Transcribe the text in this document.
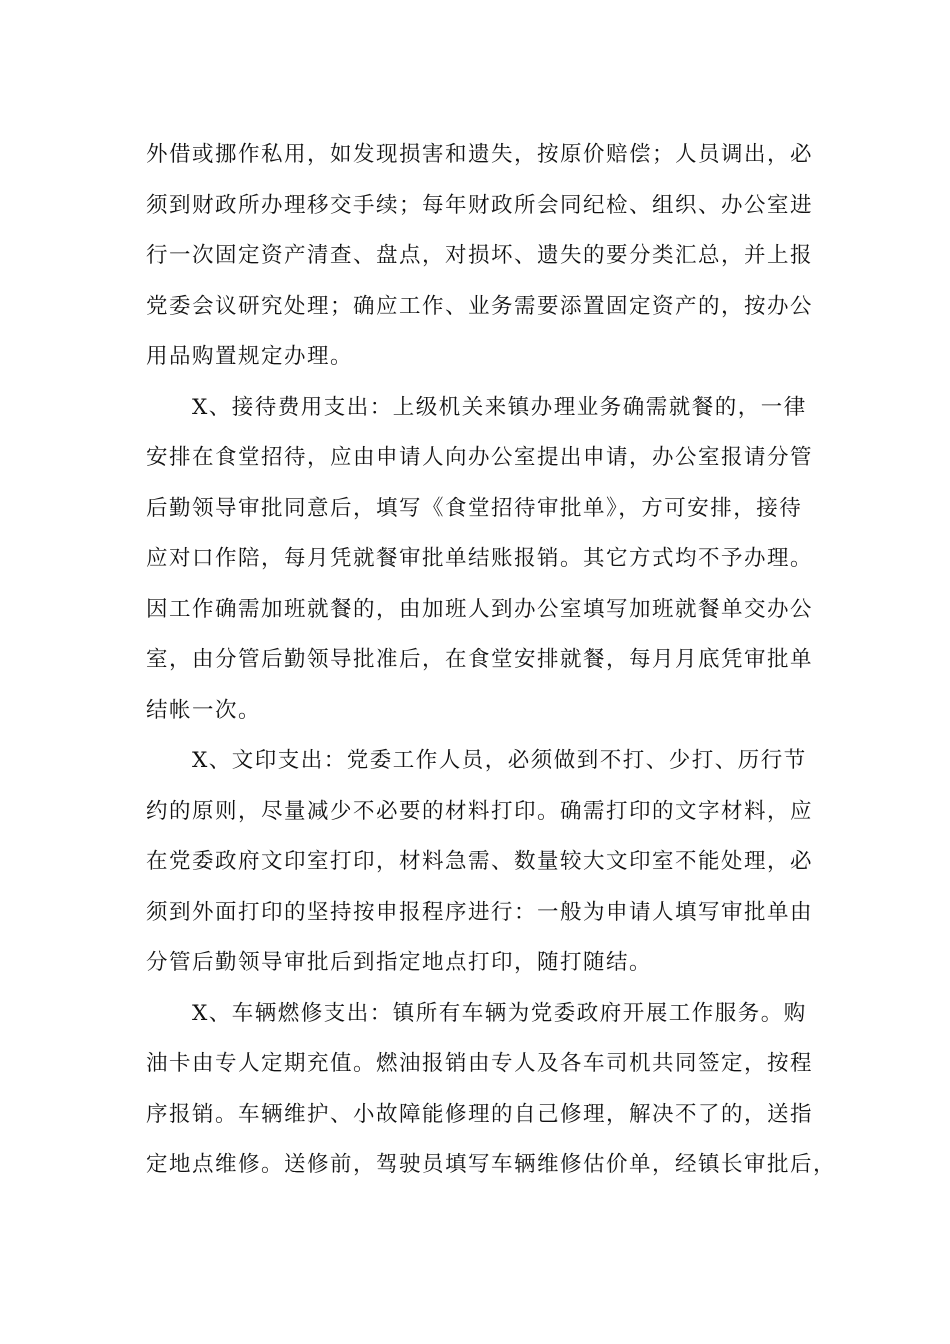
外借或挪作私用，如发现损害和遗失，按原价赔偿；人员调出，必
须到财政所办理移交手续；每年财政所会同纪检、组织、办公室进
行一次固定资产清查、盘点，对损坏、遗失的要分类汇总，并上报
党委会议研究处理；确应工作、业务需要添置固定资产的，按办公
用品购置规定办理。
　　X、接待费用支出：上级机关来镇办理业务确需就餐的，一律
安排在食堂招待，应由申请人向办公室提出申请，办公室报请分管
后勤领导审批同意后，填写《食堂招待审批单》，方可安排，接待
应对口作陪，每月凭就餐审批单结账报销。其它方式均不予办理。
因工作确需加班就餐的，由加班人到办公室填写加班就餐单交办公
室，由分管后勤领导批准后，在食堂安排就餐，每月月底凭审批单
结帐一次。
　　X、文印支出：党委工作人员，必须做到不打、少打、历行节
约的原则，尽量减少不必要的材料打印。确需打印的文字材料，应
在党委政府文印室打印，材料急需、数量较大文印室不能处理，必
须到外面打印的坚持按申报程序进行：一般为申请人填写审批单由
分管后勤领导审批后到指定地点打印，随打随结。
　　X、车辆燃修支出：镇所有车辆为党委政府开展工作服务。购
油卡由专人定期充值。燃油报销由专人及各车司机共同签定，按程
序报销。车辆维护、小故障能修理的自己修理，解决不了的，送指
定地点维修。送修前，驾驶员填写车辆维修估价单，经镇长审批后，
